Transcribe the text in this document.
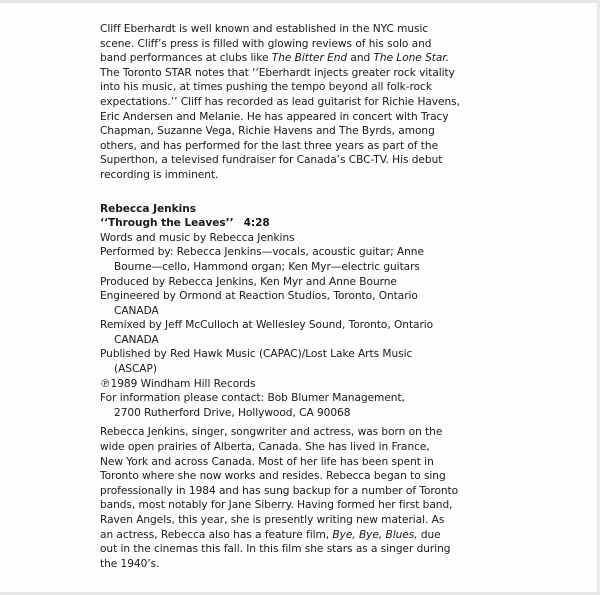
Cliff Eberhardt is well known and established in the NYC music
scene. Cliff’s press is filled with glowing reviews of his solo and
band performances at clubs like The Bitter End and The Lone Star.
The Toronto STAR notes that ‘‘Eberhardt injects greater rock vitality
into his music, at times pushing the tempo beyond all folk-rock
expectations.’’ Cliff has recorded as lead guitarist for Richie Havens,
Eric Andersen and Melanie. He has appeared in concert with Tracy
Chapman, Suzanne Vega, Richie Havens and The Byrds, among
others, and has performed for the last three years as part of the
Superthon, a televised fundraiser for Canada’s CBC-TV. His debut
recording is imminent.
Rebecca Jenkins
‘‘Through the Leaves’’ 4:28
Words and music by Rebecca Jenkins
Performed by: Rebecca Jenkins—vocals, acoustic guitar; Anne
Bourne—cello, Hammond organ; Ken Myr—electric guitars
Produced by Rebecca Jenkins, Ken Myr and Anne Bourne
Engineered by Ormond at Reaction Studios, Toronto, Ontario
CANADA
Remixed by Jeff McCulloch at Wellesley Sound, Toronto, Ontario
CANADA
Published by Red Hawk Music (CAPAC)/Lost Lake Arts Music
(ASCAP)
℗1989 Windham Hill Records
For information please contact: Bob Blumer Management,
2700 Rutherford Drive, Hollywood, CA 90068
Rebecca Jenkins, singer, songwriter and actress, was born on the
wide open prairies of Alberta, Canada. She has lived in France,
New York and across Canada. Most of her life has been spent in
Toronto where she now works and resides. Rebecca began to sing
professionally in 1984 and has sung backup for a number of Toronto
bands, most notably for Jane Siberry. Having formed her first band,
Raven Angels, this year, she is presently writing new material. As
an actress, Rebecca also has a feature film, Bye, Bye, Blues, due
out in the cinemas this fall. In this film she stars as a singer during
the 1940’s.
